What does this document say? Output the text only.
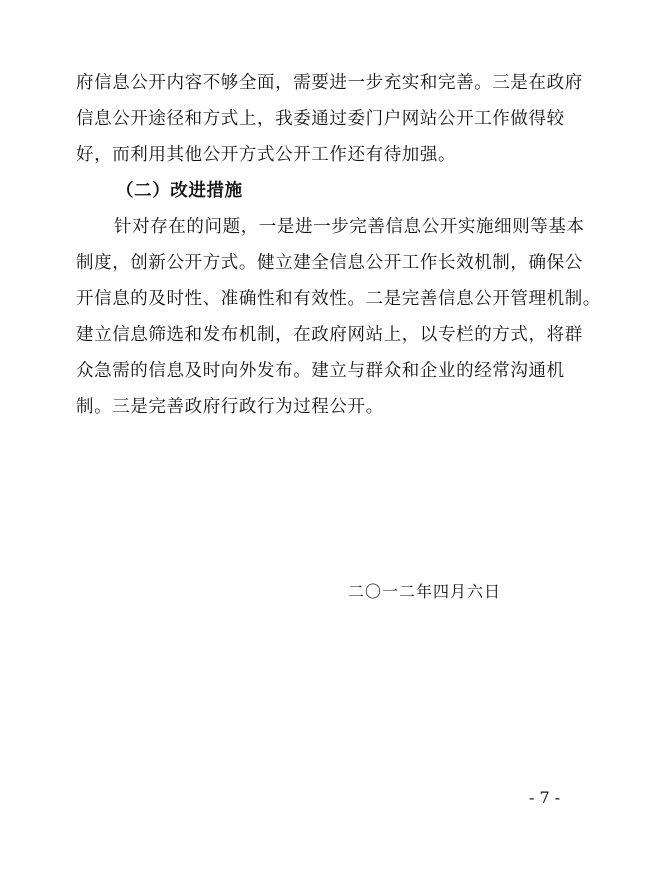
府信息公开内容不够全面，需要进一步充实和完善。三是在政府
信息公开途径和方式上，我委通过委门户网站公开工作做得较
好，而利用其他公开方式公开工作还有待加强。
（二）改进措施
针对存在的问题，一是进一步完善信息公开实施细则等基本
制度，创新公开方式。健立建全信息公开工作长效机制，确保公
开信息的及时性、准确性和有效性。二是完善信息公开管理机制。
建立信息筛选和发布机制，在政府网站上，以专栏的方式，将群
众急需的信息及时向外发布。建立与群众和企业的经常沟通机
制。三是完善政府行政行为过程公开。
二〇一二年四月六日
- 7 -
